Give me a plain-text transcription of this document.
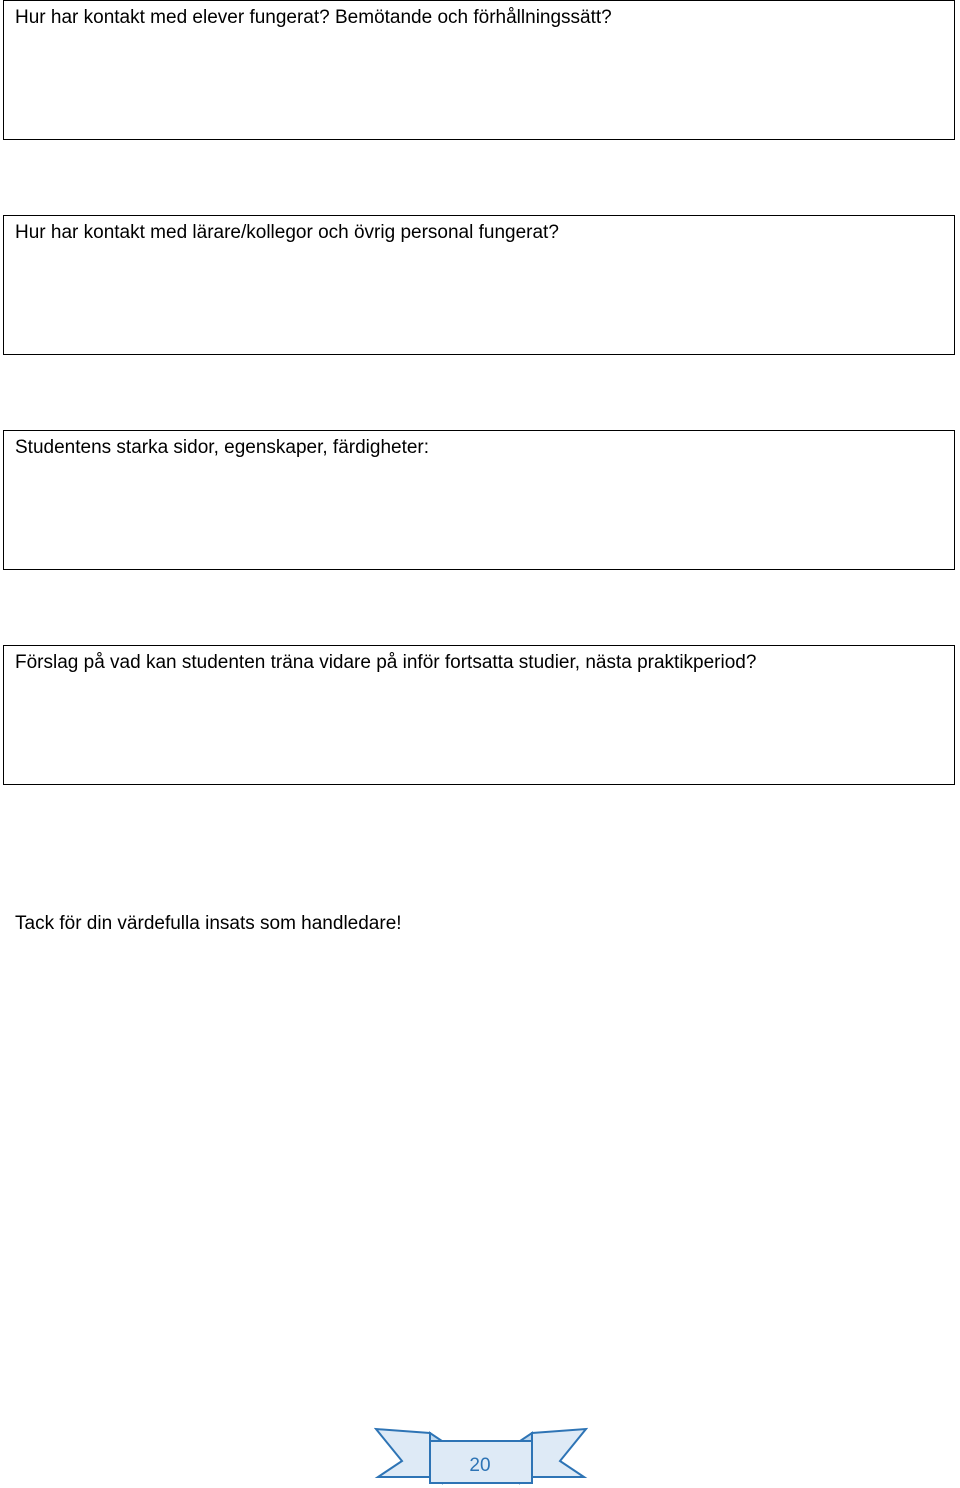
Hur har kontakt med elever fungerat? Bemötande och förhållningssätt?
Hur har kontakt med lärare/kollegor och övrig personal fungerat?
Studentens starka sidor, egenskaper, färdigheter:
Förslag på vad kan studenten träna vidare på inför fortsatta studier, nästa praktikperiod?
Tack för din värdefulla insats som handledare!
20
